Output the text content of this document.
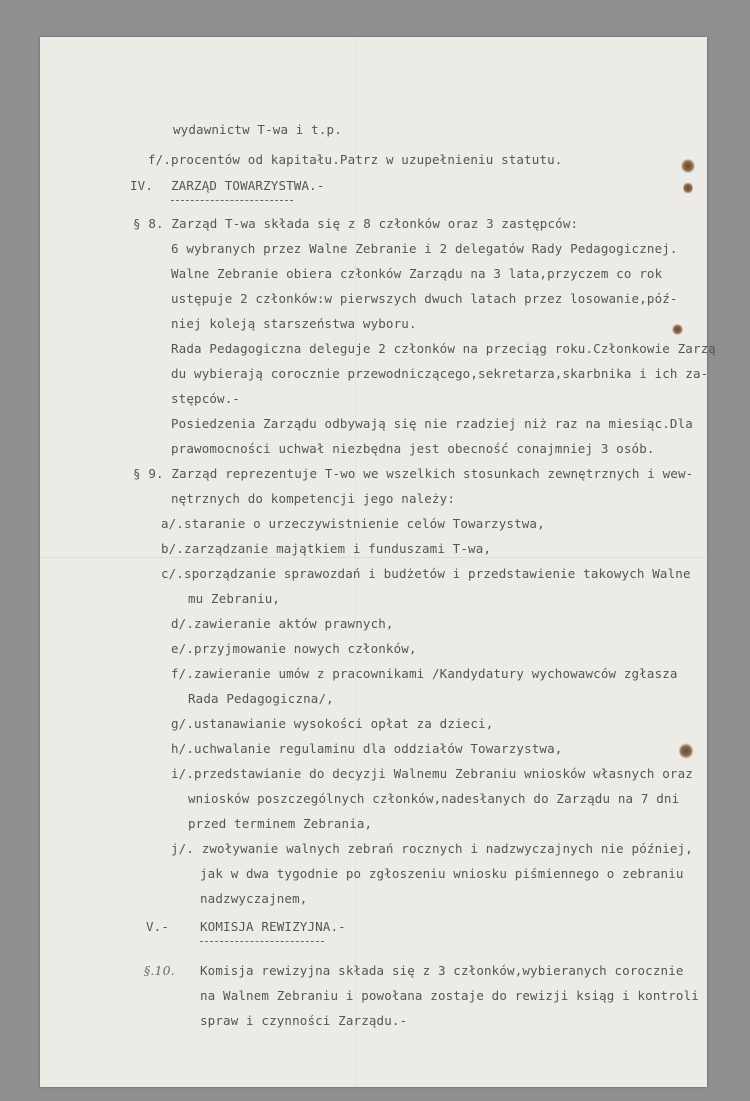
wydawnictw T-wa i t.p.
f/.procentów od kapitału.Patrz w uzupełnieniu statutu.
IV. ZARZĄD TOWARZYSTWA.-
§ 8. Zarząd T-wa składa się z 8 członków oraz 3 zastępców:
6 wybranych przez Walne Zebranie i 2 delegatów Rady Pedagogicznej.
Walne Zebranie obiera członków Zarządu na 3 lata,przyczem co rok
ustępuje 2 członków:w pierwszych dwuch latach przez losowanie,póź-
niej koleją starszeństwa wyboru.
Rada Pedagogiczna deleguje 2 członków na przeciąg roku.Członkowie Zarzą
du wybierają corocznie przewodniczącego,sekretarza,skarbnika i ich za-
stępców.-
Posiedzenia Zarządu odbywają się nie rzadziej niż raz na miesiąc.Dla
prawomocności uchwał niezbędna jest obecność conajmniej 3 osób.
§ 9. Zarząd reprezentuje T-wo we wszelkich stosunkach zewnętrznych i wew-
nętrznych do kompetencji jego należy:
a/.staranie o urzeczywistnienie celów Towarzystwa,
b/.zarządzanie majątkiem i funduszami T-wa,
c/.sporządzanie sprawozdań i budżetów i przedstawienie takowych Walne
mu Zebraniu,
d/.zawieranie aktów prawnych,
e/.przyjmowanie nowych członków,
f/.zawieranie umów z pracownikami /Kandydatury wychowawców zgłasza
Rada Pedagogiczna/,
g/.ustanawianie wysokości opłat za dzieci,
h/.uchwalanie regulaminu dla oddziałów Towarzystwa,
i/.przedstawianie do decyzji Walnemu Zebraniu wniosków własnych oraz
wniosków poszczególnych członków,nadesłanych do Zarządu na 7 dni
przed terminem Zebrania,
j/. zwoływanie walnych zebrań rocznych i nadzwyczajnych nie później,
jak w dwa tygodnie po zgłoszeniu wniosku piśmiennego o zebraniu
nadzwyczajnem,
V.- KOMISJA REWIZYJNA.-
§.10. Komisja rewizyjna składa się z 3 członków,wybieranych corocznie
na Walnem Zebraniu i powołana zostaje do rewizji ksiąg i kontroli
spraw i czynności Zarządu.-
